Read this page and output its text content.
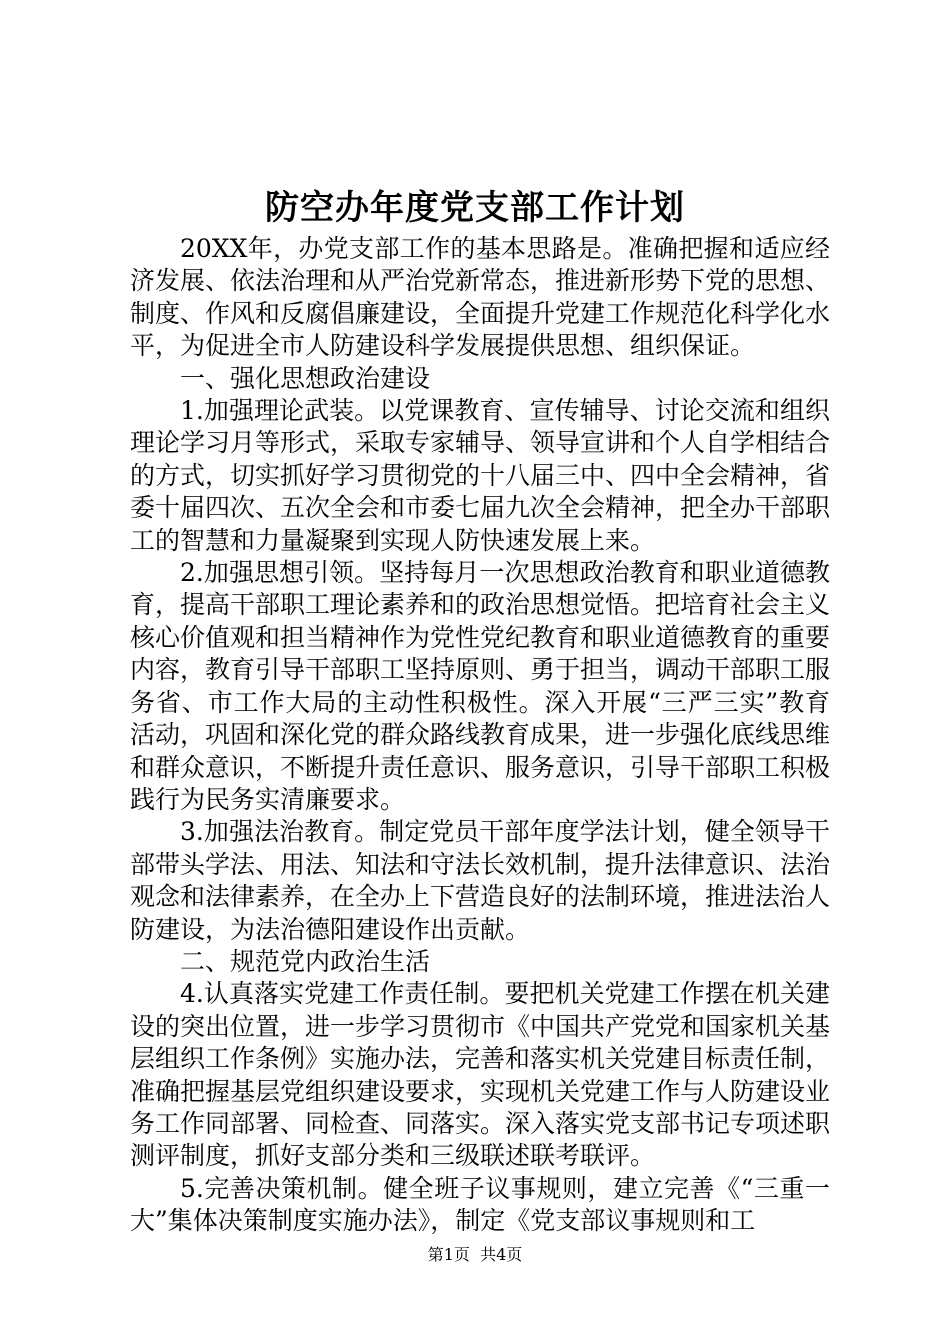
防空办年度党支部工作计划

20XX年，办党支部工作的基本思路是。准确把握和适应经济发展、依法治理和从严治党新常态，推进新形势下党的思想、制度、作风和反腐倡廉建设，全面提升党建工作规范化科学化水平，为促进全市人防建设科学发展提供思想、组织保证。

一、强化思想政治建设

1.加强理论武装。以党课教育、宣传辅导、讨论交流和组织理论学习月等形式，采取专家辅导、领导宣讲和个人自学相结合的方式，切实抓好学习贯彻党的十八届三中、四中全会精神，省委十届四次、五次全会和市委七届九次全会精神，把全办干部职工的智慧和力量凝聚到实现人防快速发展上来。

2.加强思想引领。坚持每月一次思想政治教育和职业道德教育，提高干部职工理论素养和的政治思想觉悟。把培育社会主义核心价值观和担当精神作为党性党纪教育和职业道德教育的重要内容，教育引导干部职工坚持原则、勇于担当，调动干部职工服务省、市工作大局的主动性积极性。深入开展“三严三实”教育活动，巩固和深化党的群众路线教育成果，进一步强化底线思维和群众意识，不断提升责任意识、服务意识，引导干部职工积极践行为民务实清廉要求。

3.加强法治教育。制定党员干部年度学法计划，健全领导干部带头学法、用法、知法和守法长效机制，提升法律意识、法治观念和法律素养，在全办上下营造良好的法制环境，推进法治人防建设，为法治德阳建设作出贡献。

二、规范党内政治生活

4.认真落实党建工作责任制。要把机关党建工作摆在机关建设的突出位置，进一步学习贯彻市《中国共产党党和国家机关基层组织工作条例》实施办法，完善和落实机关党建目标责任制，准确把握基层党组织建设要求，实现机关党建工作与人防建设业务工作同部署、同检查、同落实。深入落实党支部书记专项述职测评制度，抓好支部分类和三级联述联考联评。

5.完善决策机制。健全班子议事规则，建立完善《“三重一大”集体决策制度实施办法》，制定《党支部议事规则和工

第1页 共4页
